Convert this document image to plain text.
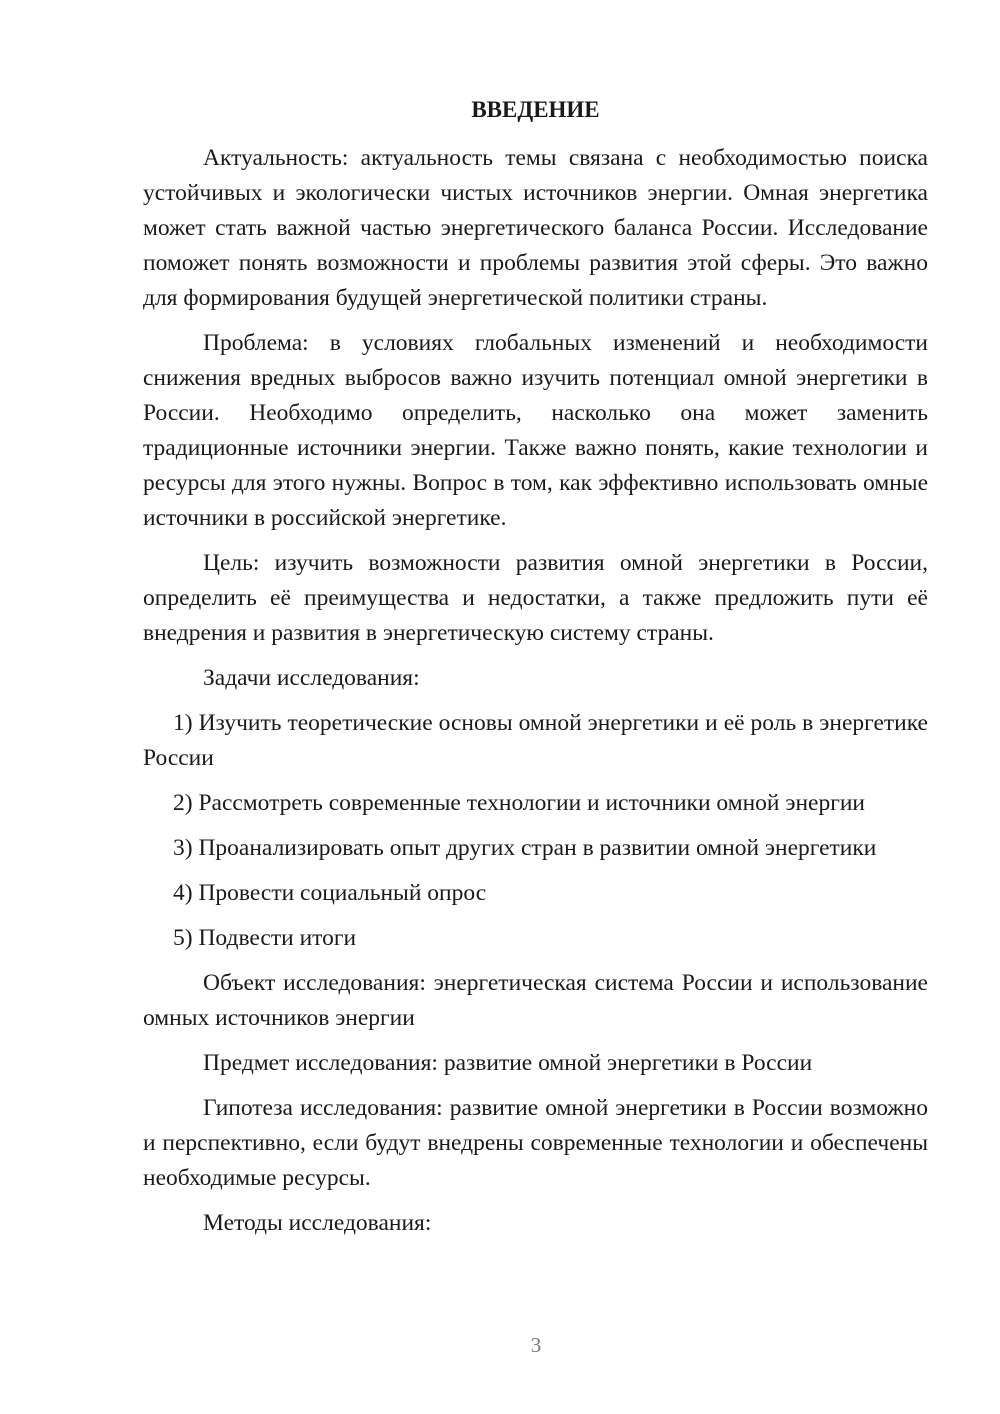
ВВЕДЕНИЕ

Актуальность: актуальность темы связана с необходимостью поиска устойчивых и экологически чистых источников энергии. Омная энергетика может стать важной частью энергетического баланса России. Исследование поможет понять возможности и проблемы развития этой сферы. Это важно для формирования будущей энергетической политики страны.

Проблема: в условиях глобальных изменений и необходимости снижения вредных выбросов важно изучить потенциал омной энергетики в России. Необходимо определить, насколько она может заменить традиционные источники энергии. Также важно понять, какие технологии и ресурсы для этого нужны. Вопрос в том, как эффективно использовать омные источники в российской энергетике.

Цель: изучить возможности развития омной энергетики в России, определить её преимущества и недостатки, а также предложить пути её внедрения и развития в энергетическую систему страны.

Задачи исследования:

1) Изучить теоретические основы омной энергетики и её роль в энергетике России

2) Рассмотреть современные технологии и источники омной энергии

3) Проанализировать опыт других стран в развитии омной энергетики

4) Провести социальный опрос

5) Подвести итоги

Объект исследования: энергетическая система России и использование омных источников энергии

Предмет исследования: развитие омной энергетики в России

Гипотеза исследования: развитие омной энергетики в России возможно и перспективно, если будут внедрены современные технологии и обеспечены необходимые ресурсы.

Методы исследования:

3
